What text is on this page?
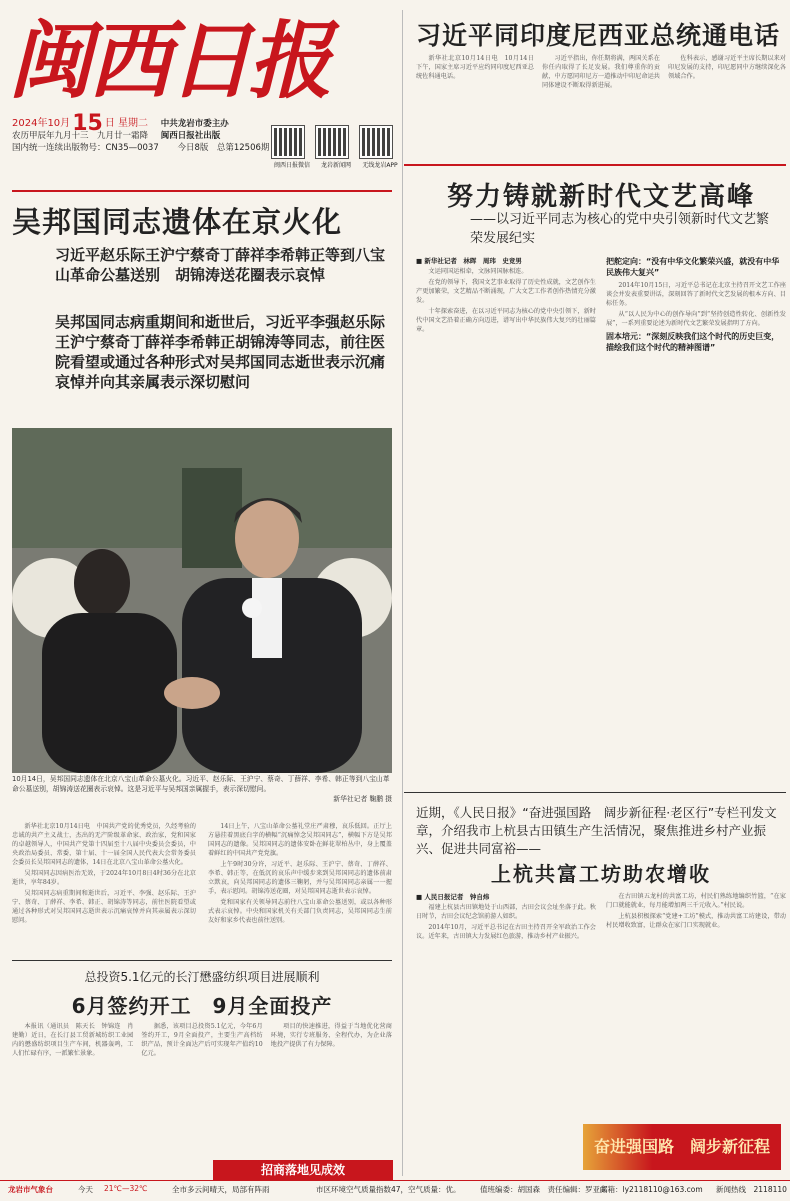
闽西日报
2024年10月15 日 星期二 中共龙岩市委主办
农历甲辰年九月十三　九月廿一霜降 闽西日报社出版
国内统一连续出版物号：CN35—0037 今日8版　总第12506期
闽西日报微信	龙岩新闻网	无线龙岩APP
习近平同印度尼西亚总统通电话

新华社北京10月14日电　10月14日下午，国家主席习近平应约同印度尼西亚总统佐科通电话。

习近平指出，你任期将满，两国关系在你任内取得了长足发展。我们尊重你的贡献，中方愿同印尼方一道推动中印尼命运共同体建设不断取得新进展。

佐科表示，感谢习近平主席长期以来对印尼发展的支持，印尼愿同中方继续深化各领域合作。

吴邦国同志遗体在京火化
习近平赵乐际王沪宁蔡奇丁薛祥李希韩正等到八宝山革命公墓送别　胡锦涛送花圈表示哀悼
吴邦国同志病重期间和逝世后，习近平李强赵乐际王沪宁蔡奇丁薛祥李希韩正胡锦涛等同志，前往医院看望或通过各种形式对吴邦国同志逝世表示沉痛哀悼并向其亲属表示深切慰问
10月14日，吴邦国同志遗体在北京八宝山革命公墓火化。习近平、赵乐际、王沪宁、蔡奇、丁薛祥、李希、韩正等到八宝山革命公墓送别，胡锦涛送花圈表示哀悼。这是习近平与吴邦国亲属握手，表示深切慰问。
新华社记者 鞠鹏 摄

新华社北京10月14日电　中国共产党的优秀党员，久经考验的忠诚的共产主义战士，杰出的无产阶级革命家、政治家，党和国家的卓越领导人，中国共产党第十四届至十八届中央委员会委员，中央政治局委员、常委，第十届、十一届全国人民代表大会常务委员会委员长吴邦国同志的遗体，14日在北京八宝山革命公墓火化。

吴邦国同志因病医治无效，于2024年10月8日4时36分在北京逝世，享年84岁。

吴邦国同志病重期间和逝世后，习近平、李强、赵乐际、王沪宁、蔡奇、丁薛祥、李希、韩正、胡锦涛等同志，前往医院看望或通过各种形式对吴邦国同志逝世表示沉痛哀悼并向其亲属表示深切慰问。

14日上午，八宝山革命公墓礼堂庄严肃穆，哀乐低回。正厅上方悬挂着黑底白字的横幅“沉痛悼念吴邦国同志”，横幅下方是吴邦国同志的遗像。吴邦国同志的遗体安卧在鲜花翠柏丛中，身上覆盖着鲜红的中国共产党党旗。

上午9时30分许，习近平、赵乐际、王沪宁、蔡奇、丁薛祥、李希、韩正等，在低沉的哀乐声中缓步来到吴邦国同志的遗体前肃立默哀，向吴邦国同志的遗体三鞠躬，并与吴邦国同志亲属一一握手，表示慰问。胡锦涛送花圈，对吴邦国同志逝世表示哀悼。

党和国家有关领导同志前往八宝山革命公墓送别，或以各种形式表示哀悼。中央和国家机关有关部门负责同志，吴邦国同志生前友好和家乡代表也前往送别。

总投资5.1亿元的长汀懋盛纺织项目进展顺利
6月签约开工　9月全面投产

本报讯（通讯员　陈天长　钟锦连　肖建勤）近日，在长汀县工贸新城纺织工业园内的懋盛纺织项目生产车间，机器轰鸣，工人们忙碌有序，一派繁忙景象。

据悉，该项目总投资5.1亿元，今年6月签约开工，9月全面投产，主要生产高档纺织产品，预计全面达产后可实现年产值约10亿元。

项目的快速推进，得益于当地优化营商环境，实行专班服务、全程代办，为企业落地投产提供了有力保障。

招商落地见成效
努力铸就新时代文艺高峰
——以习近平同志为核心的党中央引领新时代文艺繁荣发展纪实
■ 新华社记者　林晖　周玮　史竞男

文运同国运相牵，文脉同国脉相连。

在党的领导下，我国文艺事业取得了历史性成就，文艺创作生产更加繁荣，文艺精品不断涌现，广大文艺工作者创作热情充分激发。

十年探索奋进，在以习近平同志为核心的党中央引领下，新时代中国文艺沿着正确方向迈进，谱写出中华民族伟大复兴的壮丽篇章。

把舵定向：“没有中华文化繁荣兴盛，就没有中华民族伟大复兴”

2014年10月15日，习近平总书记在北京主持召开文艺工作座谈会并发表重要讲话，深刻回答了新时代文艺发展的根本方向、目标任务。

从“以人民为中心的创作导向”到“坚持创造性转化、创新性发展”，一系列重要论述为新时代文艺繁荣发展指明了方向。

固本培元：“深刻反映我们这个时代的历史巨变，描绘我们这个时代的精神图谱”
近期，《人民日报》“奋进强国路　阔步新征程·老区行”专栏刊发文章，介绍我市上杭县古田镇生产生活情况，聚焦推进乡村产业振兴、促进共同富裕——
上杭共富工坊助农增收
■ 人民日报记者　钟自炜

福建上杭县古田镇地处于山西部，古田会议会址坐落于此。秋日时节，古田会议纪念馆前游人如织。

2014年10月，习近平总书记在古田主持召开全军政治工作会议。近年来，古田镇大力发展红色旅游，推动乡村产业振兴。

在古田镇五龙村的共富工坊，村民们熟练地编织竹篮，“在家门口就能就业，每月能增加两三千元收入。”村民说。

上杭县积极探索“党建+工坊”模式，推动共富工坊建设，带动村民增收致富，让群众在家门口实现就业。

奋进强国路　阔步新征程
龙岩市气象台	今天 21℃—32℃	全市多云间晴天，局部有阵雨	市区环境空气质量指数47，空气质量：优。	值班编委：胡国森　责任编辑：罗亚宾
邮箱：ly2118110@163.com 新闻热线　2118110
